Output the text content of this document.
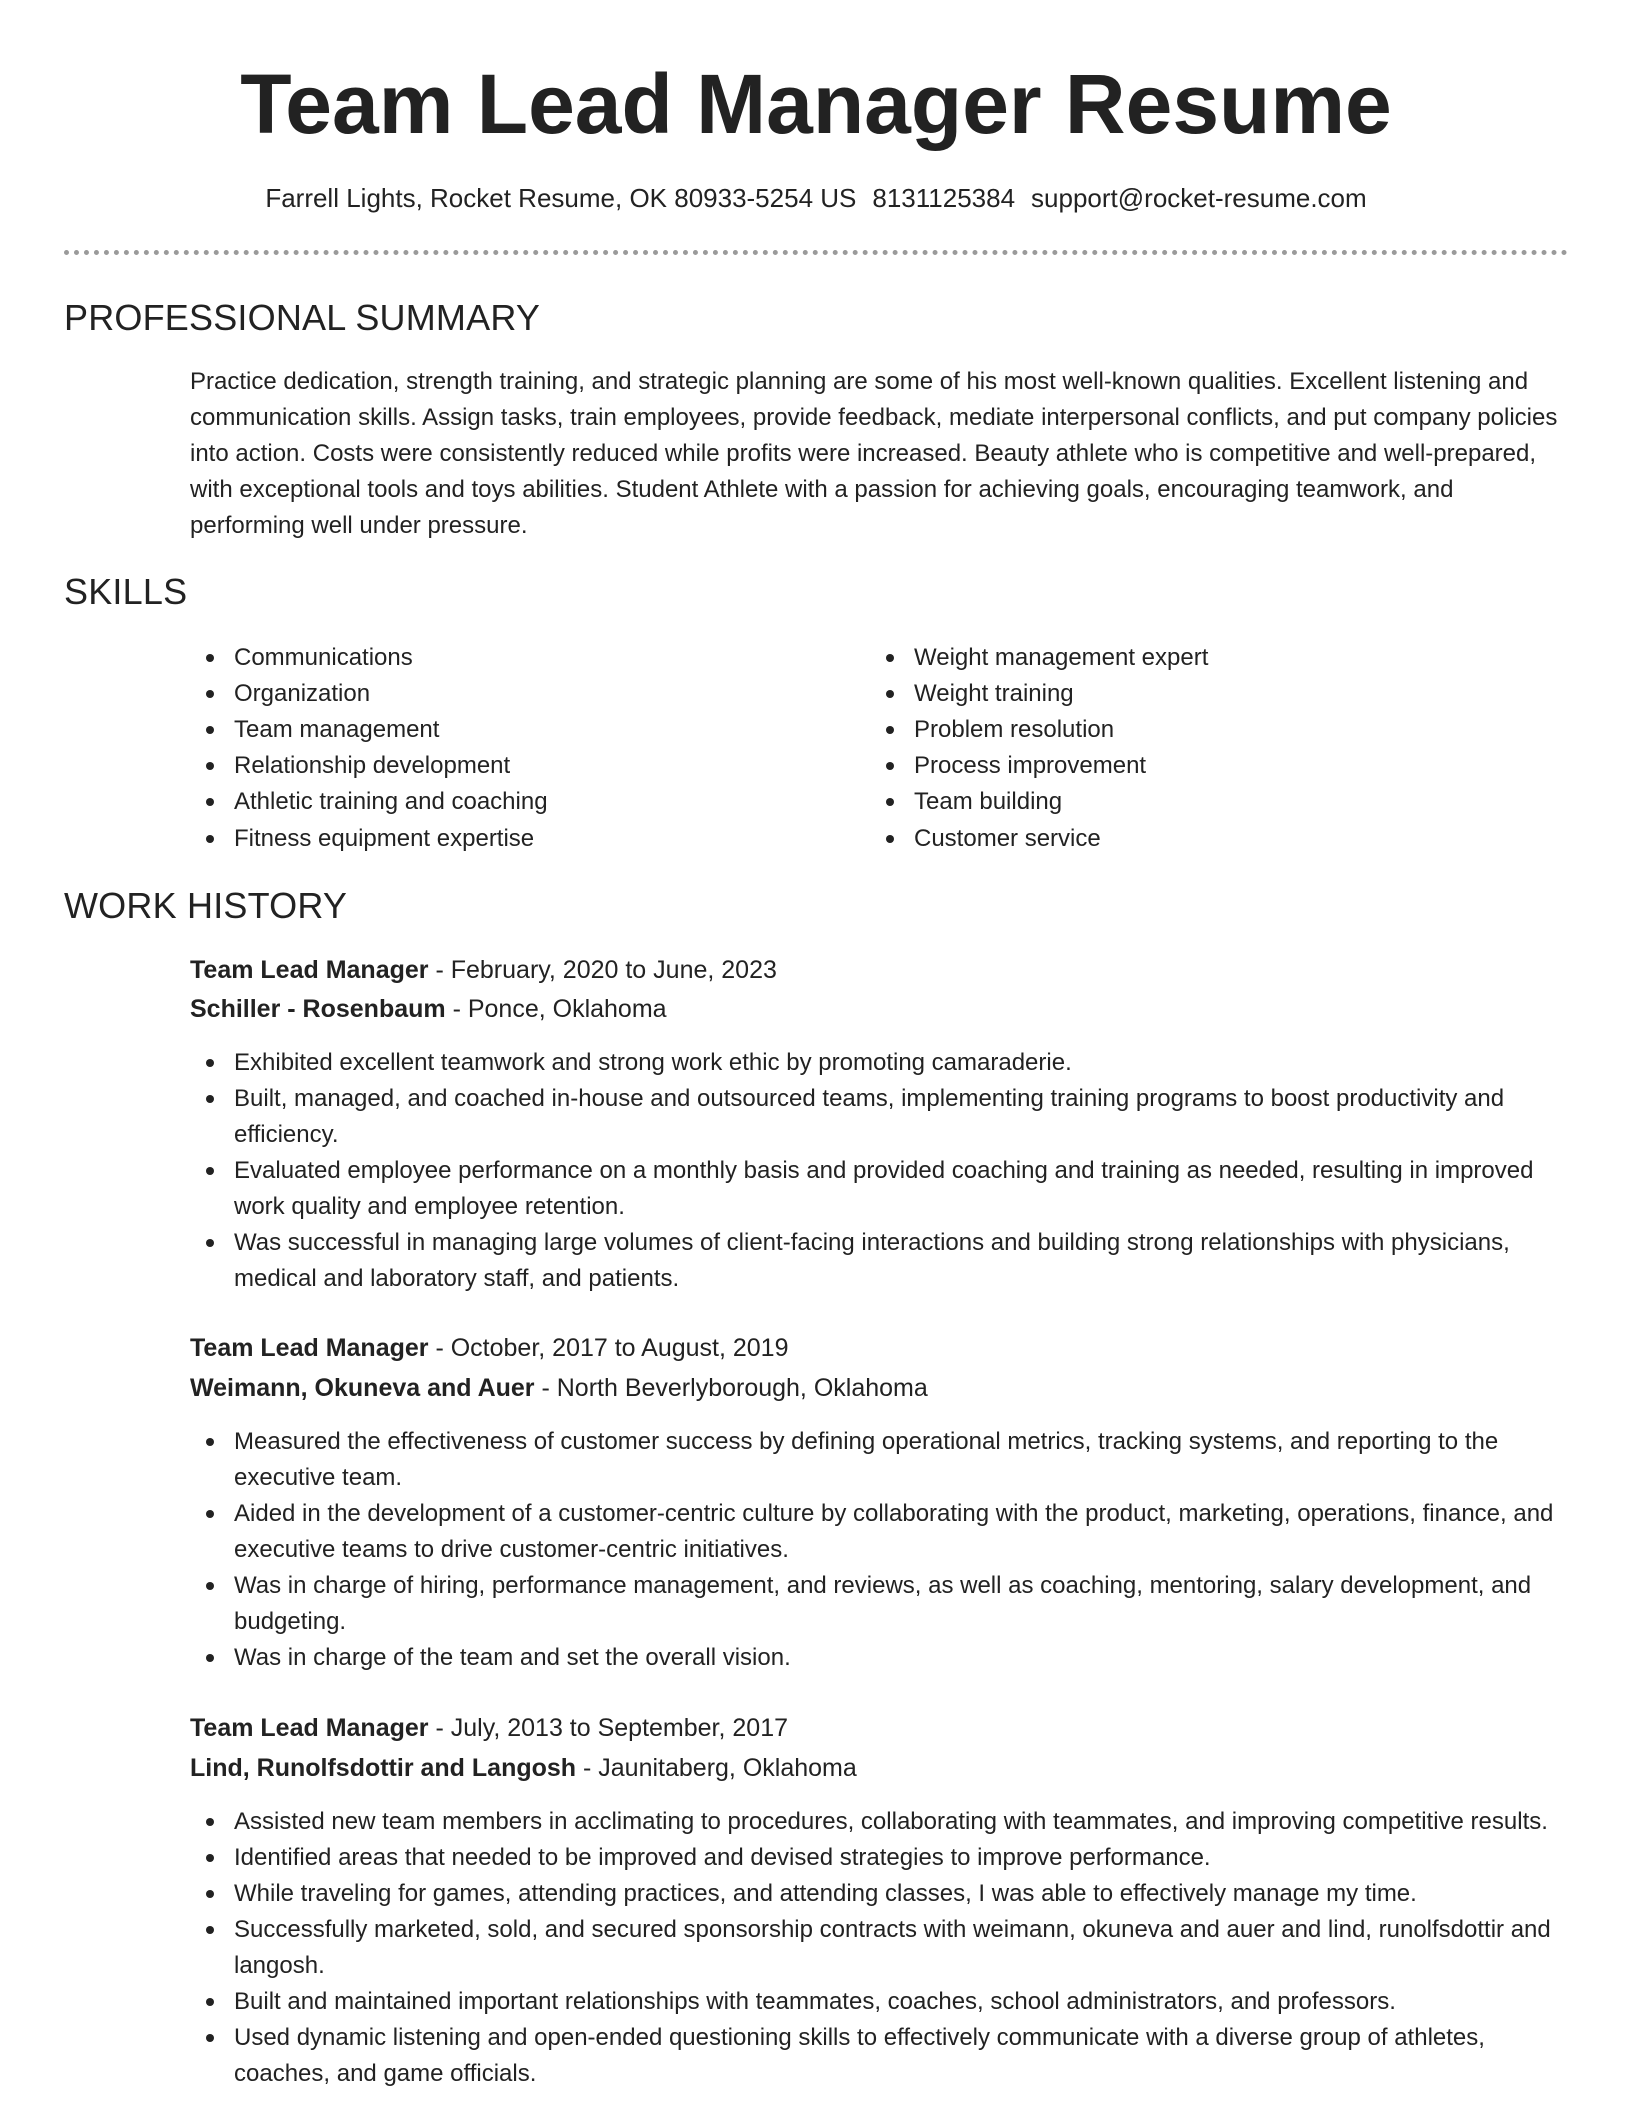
Team Lead Manager Resume
Farrell Lights, Rocket Resume, OK 80933-5254 US 8131125384 support@rocket-resume.com
PROFESSIONAL SUMMARY

Practice dedication, strength training, and strategic planning are some of his most well-known qualities. Excellent listening and communication skills. Assign tasks, train employees, provide feedback, mediate interpersonal conflicts, and put company policies into action. Costs were consistently reduced while profits were increased. Beauty athlete who is competitive and well-prepared, with exceptional tools and toys abilities. Student Athlete with a passion for achieving goals, encouraging teamwork, and performing well under pressure.

SKILLS
Communications
Organization
Team management
Relationship development
Athletic training and coaching
Fitness equipment expertise
Weight management expert
Weight training
Problem resolution
Process improvement
Team building
Customer service
WORK HISTORY
Team Lead Manager - February, 2020 to June, 2023
Schiller - Rosenbaum - Ponce, Oklahoma
Exhibited excellent teamwork and strong work ethic by promoting camaraderie.
Built, managed, and coached in-house and outsourced teams, implementing training programs to boost productivity and efficiency.
Evaluated employee performance on a monthly basis and provided coaching and training as needed, resulting in improved work quality and employee retention.
Was successful in managing large volumes of client-facing interactions and building strong relationships with physicians, medical and laboratory staff, and patients.
Team Lead Manager - October, 2017 to August, 2019
Weimann, Okuneva and Auer - North Beverlyborough, Oklahoma
Measured the effectiveness of customer success by defining operational metrics, tracking systems, and reporting to the executive team.
Aided in the development of a customer-centric culture by collaborating with the product, marketing, operations, finance, and executive teams to drive customer-centric initiatives.
Was in charge of hiring, performance management, and reviews, as well as coaching, mentoring, salary development, and budgeting.
Was in charge of the team and set the overall vision.
Team Lead Manager - July, 2013 to September, 2017
Lind, Runolfsdottir and Langosh - Jaunitaberg, Oklahoma
Assisted new team members in acclimating to procedures, collaborating with teammates, and improving competitive results.
Identified areas that needed to be improved and devised strategies to improve performance.
While traveling for games, attending practices, and attending classes, I was able to effectively manage my time.
Successfully marketed, sold, and secured sponsorship contracts with weimann, okuneva and auer and lind, runolfsdottir and langosh.
Built and maintained important relationships with teammates, coaches, school administrators, and professors.
Used dynamic listening and open-ended questioning skills to effectively communicate with a diverse group of athletes, coaches, and game officials.
